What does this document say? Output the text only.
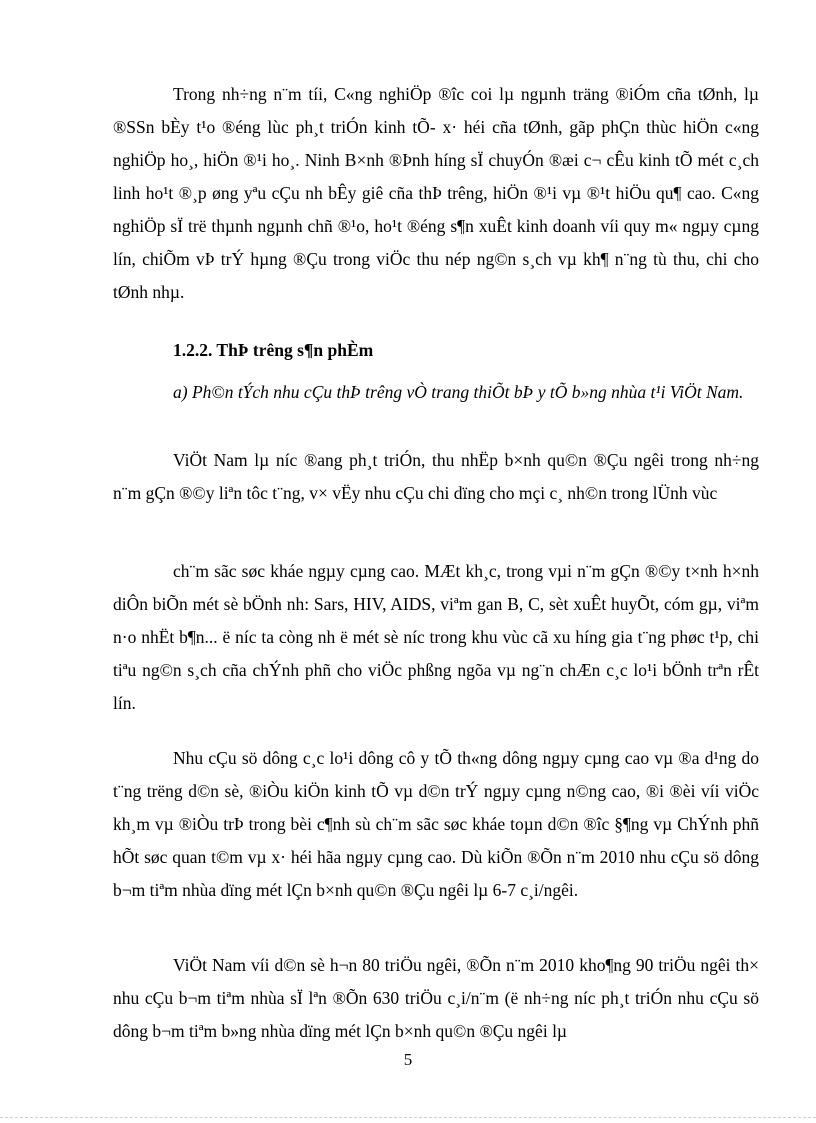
Trong nh÷ng n¨m tíi, C«ng nghiÖp ®îc coi lµ ngµnh träng ®iÓm cña tØnh, lµ ®SSn bÈy t¹o ®éng lùc ph¸t triÓn kinh tÕ- x· héi cña tØnh, gãp phÇn thùc hiÖn c«ng nghiÖp ho¸, hiÖn ®¹i ho¸. Ninh B×nh ®Þnh híng sÏ chuyÓn ®æi c¬ cÊu kinh tÕ mét c¸ch linh ho¹t ®¸p øng yªu cÇu nh bÊy giê cña thÞ trêng, hiÖn ®¹i vµ ®¹t hiÖu qu¶ cao. C«ng nghiÖp sÏ trë thµnh ngµnh chñ ®¹o, ho¹t ®éng s¶n xuÊt kinh doanh víi quy m« ngµy cµng lín, chiÕm vÞ trÝ hµng ®Çu trong viÖc thu nép ng©n s¸ch vµ kh¶ n¨ng tù thu, chi cho tØnh nhµ.

1.2.2. ThÞ trêng s¶n phÈm

a) Ph©n tÝch nhu cÇu thÞ trêng vÒ trang thiÕt bÞ y tÕ b»ng nhùa t¹i ViÖt Nam.

ViÖt Nam lµ níc ®ang ph¸t triÓn, thu nhËp b×nh qu©n ®Çu ngêi trong nh÷ng n¨m gÇn ®©y liªn tôc t¨ng, v× vËy nhu cÇu chi dïng cho mçi c¸ nh©n trong lÜnh vùc

ch¨m sãc søc kháe ngµy cµng cao. MÆt kh¸c, trong vµi n¨m gÇn ®©y t×nh h×nh diÔn biÕn mét sè bÖnh nh: Sars, HIV, AIDS, viªm gan B, C, sèt xuÊt huyÕt, cóm gµ, viªm n·o nhËt b¶n... ë níc ta còng nh ë mét sè níc trong khu vùc cã xu híng gia t¨ng phøc t¹p, chi tiªu ng©n s¸ch cña chÝnh phñ cho viÖc phßng ngõa vµ ng¨n chÆn c¸c lo¹i bÖnh trªn rÊt lín.

Nhu cÇu sö dông c¸c lo¹i dông cô y tÕ th«ng dông ngµy cµng cao vµ ®a d¹ng do t¨ng trëng d©n sè, ®iÒu kiÖn kinh tÕ vµ d©n trÝ ngµy cµng n©ng cao, ®i ®èi víi viÖc kh¸m vµ ®iÒu trÞ trong bèi c¶nh sù ch¨m sãc søc kháe toµn d©n ®îc §¶ng vµ ChÝnh phñ hÕt søc quan t©m vµ x· héi hãa ngµy cµng cao. Dù kiÕn ®Õn n¨m 2010 nhu cÇu sö dông b¬m tiªm nhùa dïng mét lÇn b×nh qu©n ®Çu ngêi lµ 6-7 c¸i/ngêi.

ViÖt Nam víi d©n sè h¬n 80 triÖu ngêi, ®Õn n¨m 2010 kho¶ng 90 triÖu ngêi th× nhu cÇu b¬m tiªm nhùa sÏ lªn ®Õn 630 triÖu c¸i/n¨m (ë nh÷ng níc ph¸t triÓn nhu cÇu sö dông b¬m tiªm b»ng nhùa dïng mét lÇn b×nh qu©n ®Çu ngêi lµ

5
